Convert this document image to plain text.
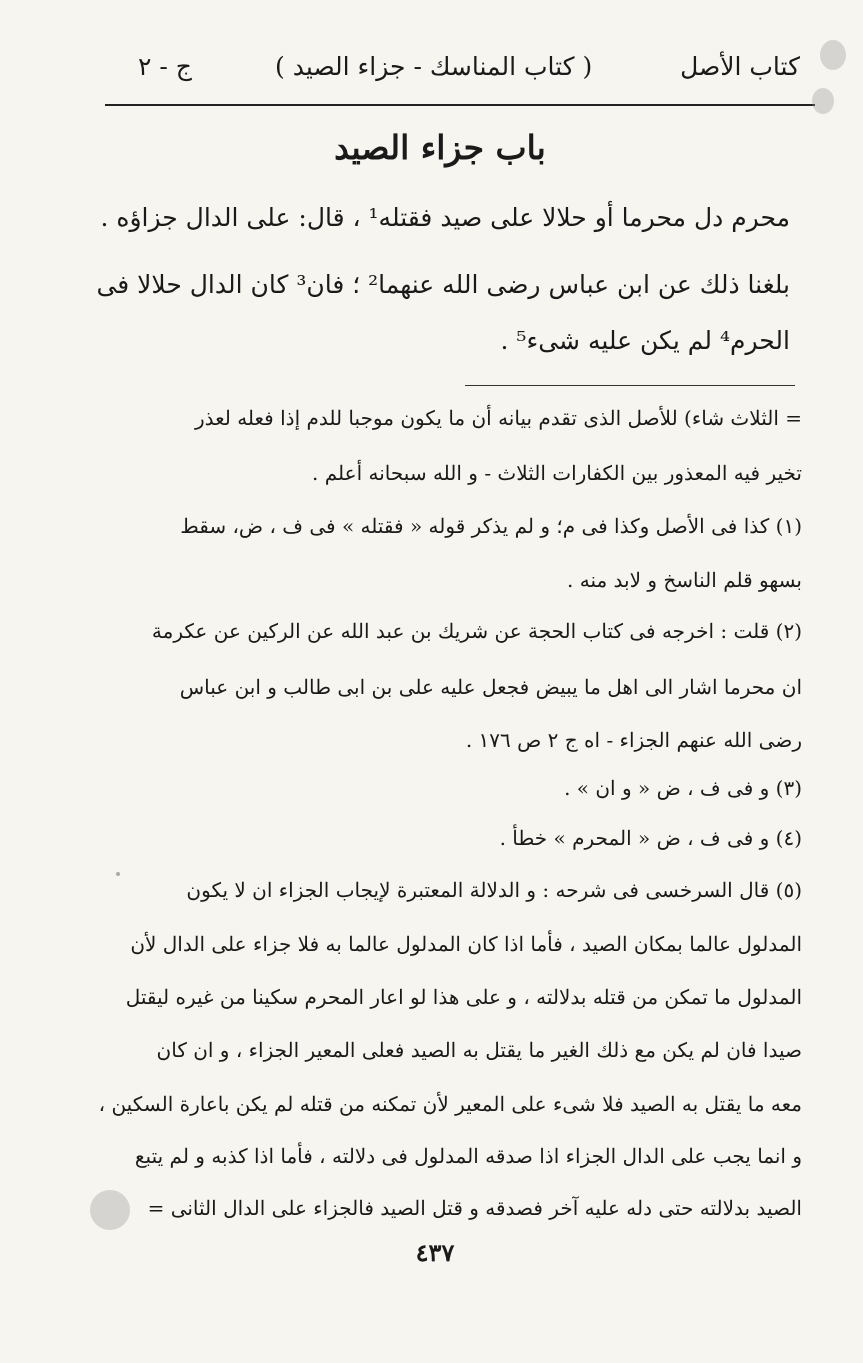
كتاب الأصل
( كتاب المناسك - جزاء الصيد )
ج - ٢
باب جزاء الصيد
محرم دل محرما أو حلالا على صيد فقتله¹ ، قال: على الدال جزاؤه .
بلغنا ذلك عن ابن عباس رضى الله عنهما² ؛ فان³ كان الدال حلالا فى
الحرم⁴ لم يكن عليه شىء⁵ .
= الثلاث شاء) للأصل الذى تقدم بيانه أن ما يكون موجبا للدم إذا فعله لعذر
تخير فيه المعذور بين الكفارات الثلاث - و الله سبحانه أعلم .
(١) كذا فى الأصل وكذا فى م؛ و لم يذكر قوله « فقتله » فى ف ، ض، سقط
بسهو قلم الناسخ و لابد منه .
(٢) قلت : اخرجه فى كتاب الحجة عن شريك بن عبد الله عن الركين عن عكرمة
ان محرما اشار الى اهل ما يبيض فجعل عليه على بن ابى طالب و ابن عباس
رضى الله عنهم الجزاء - اه ج ٢ ص ١٧٦ .
(٣) و فى ف ، ض « و ان » .
(٤) و فى ف ، ض « المحرم » خطأ .
(٥) قال السرخسى فى شرحه : و الدلالة المعتبرة لإيجاب الجزاء ان لا يكون
المدلول عالما بمكان الصيد ، فأما اذا كان المدلول عالما به فلا جزاء على الدال لأن
المدلول ما تمكن من قتله بدلالته ، و على هذا لو اعار المحرم سكينا من غيره ليقتل
صيدا فان لم يكن مع ذلك الغير ما يقتل به الصيد فعلى المعير الجزاء ، و ان كان
معه ما يقتل به الصيد فلا شىء على المعير لأن تمكنه من قتله لم يكن باعارة السكين ،
و انما يجب على الدال الجزاء اذا صدقه المدلول فى دلالته ، فأما اذا كذبه و لم يتبع
الصيد بدلالته حتى دله عليه آخر فصدقه و قتل الصيد فالجزاء على الدال الثانى =
٤٣٧
